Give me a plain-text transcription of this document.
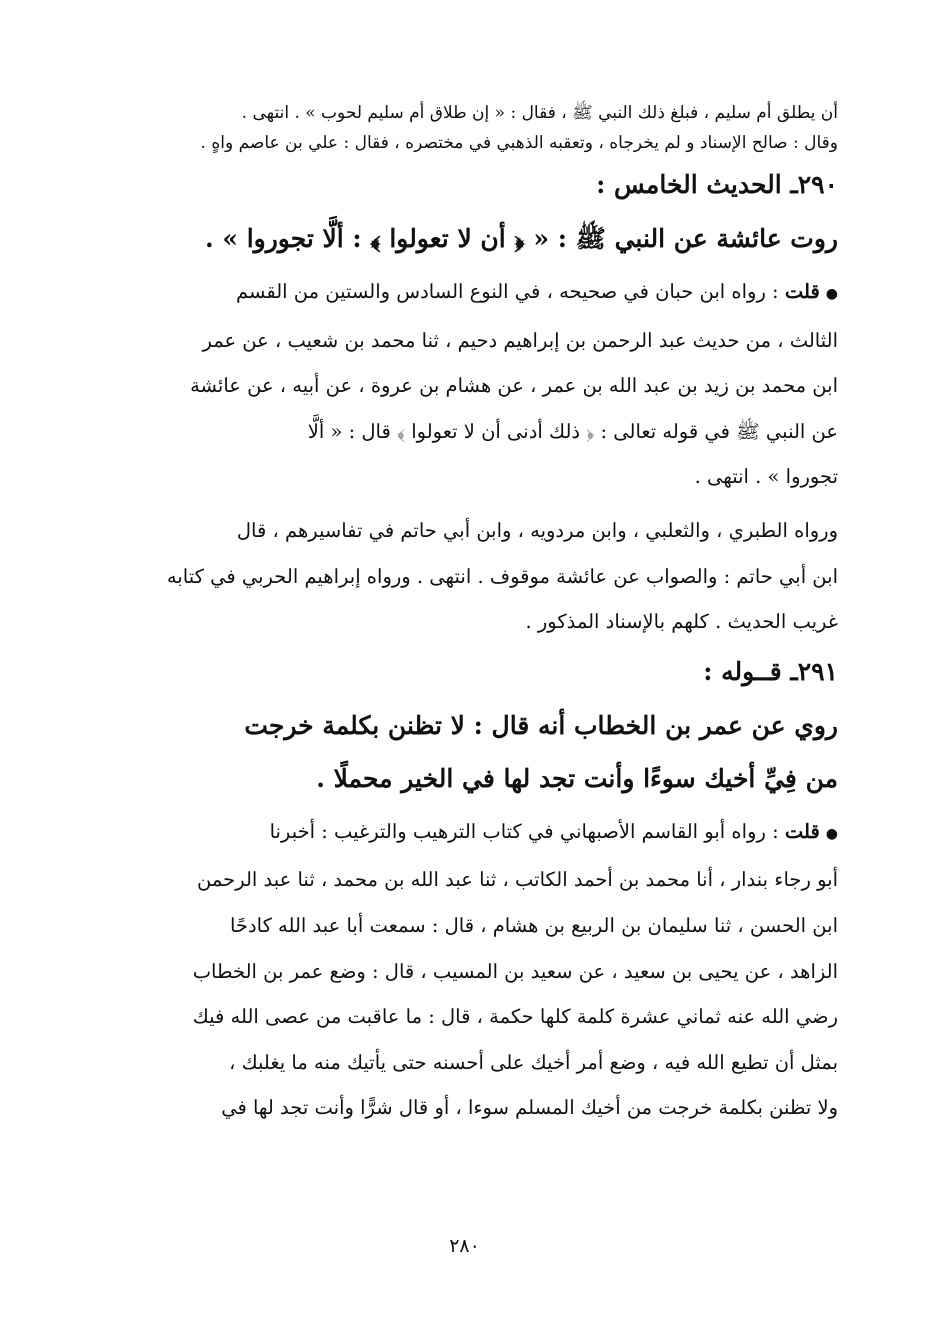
أن يطلق أم سليم ، فبلغ ذلك النبي ﷺ ، فقال : « إن طلاق أم سليم لحوب » . انتهى .
وقال : صالح الإسناد و لم يخرجاه ، وتعقبه الذهبي في مختصره ، فقال : علي بن عاصم واهٍ .
٢٩٠ـ الحديث الخامس :
روت عائشة عن النبي ﷺ : « ﴿ أن لا تعولوا ﴾ : ألَّا تجوروا » .
●قلت : رواه ابن حبان في صحيحه ، في النوع السادس والستين من القسم
الثالث ، من حديث عبد الرحمن بن إبراهيم دحيم ، ثنا محمد بن شعيب ، عن عمر
ابن محمد بن زيد بن عبد الله بن عمر ، عن هشام بن عروة ، عن أبيه ، عن عائشة
عن النبي ﷺ في قوله تعالى : ﴿ ذلك أدنى أن لا تعولوا ﴾ قال : « ألَّا
تجوروا » . انتهى .
ورواه الطبري ، والثعلبي ، وابن مردويه ، وابن أبي حاتم في تفاسيرهم ، قال
ابن أبي حاتم : والصواب عن عائشة موقوف . انتهى . ورواه إبراهيم الحربي في كتابه
غريب الحديث . كلهم بالإسناد المذكور .
٢٩١ـ قــوله :
روي عن عمر بن الخطاب أنه قال : لا تظنن بكلمة خرجت
من فِيِّ أخيك سوءًا وأنت تجد لها في الخير محملًا .
●قلت : رواه أبو القاسم الأصبهاني في كتاب الترهيب والترغيب : أخبرنا
أبو رجاء بندار ، أنا محمد بن أحمد الكاتب ، ثنا عبد الله بن محمد ، ثنا عبد الرحمن
ابن الحسن ، ثنا سليمان بن الربيع بن هشام ، قال : سمعت أبا عبد الله كادحًا
الزاهد ، عن يحيى بن سعيد ، عن سعيد بن المسيب ، قال : وضع عمر بن الخطاب
رضي الله عنه ثماني عشرة كلمة كلها حكمة ، قال : ما عاقبت من عصى الله فيك
بمثل أن تطيع الله فيه ، وضع أمر أخيك على أحسنه حتى يأتيك منه ما يغلبك ،
ولا تظنن بكلمة خرجت من أخيك المسلم سوءا ، أو قال شرًّا وأنت تجد لها في
٢٨٠
